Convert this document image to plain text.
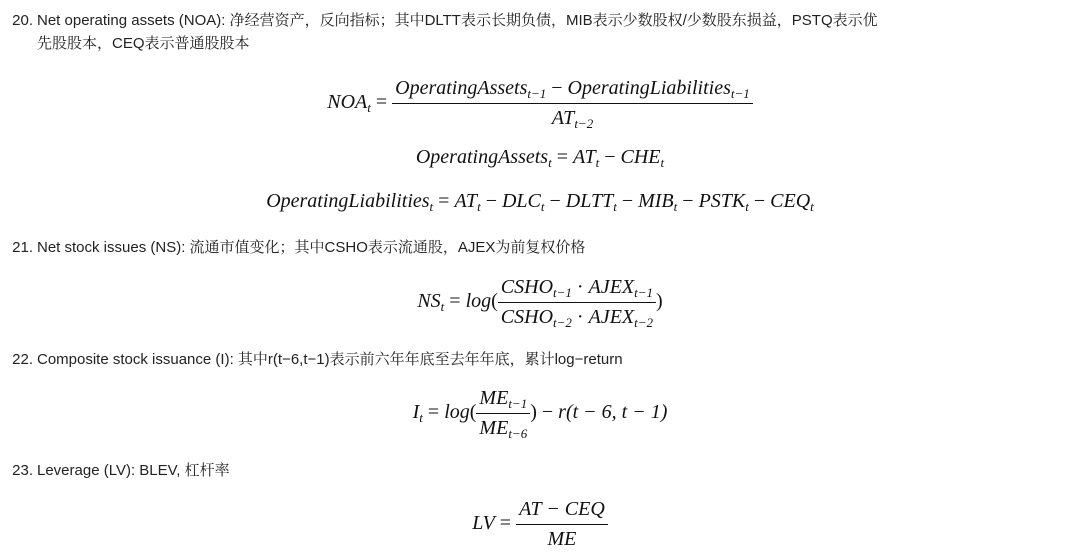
20. Net operating assets (NOA): 净经营资产，反向指标；其中DLTT表示长期负债，MIB表示少数股权/少数股东损益，PSTQ表示优
先股股本，CEQ表示普通股股本
$NOA_t = \frac{OperatingAssets_{t-1} - OperatingLiabilities_{t-1}}{AT_{t-2}}$
OperatingAssets$_t$ = $AT_t - CHE_t$
OperatingLiabilities$_t$ = $AT_t - DLC_t$ − $DLTT_t - MIB_t$ − $PSTK_t - CEQ_t$
21. Net stock issues (NS): 流通市值变化；其中CSHO表示流通股，AJEX为前复权价格
$NS_t = \log( \frac{CSHO_{t-1} \cdot AJEX_{t-1}}{CSHO_{t-2} \cdot AJEX_{t-2}}$ )
22. Composite stock issuance (I): 其中r(t−6,t−1)表示前六年年底至去年年底，累计log−return
$I_t = \log( \frac{ME_{t-1}}{ME_{t-6}}$ ) − r(t − 6, t − 1)
23. Leverage (LV): BLEV, 杠杆率
LV = $\frac{\text{AT − CEQ}}{ME}$
